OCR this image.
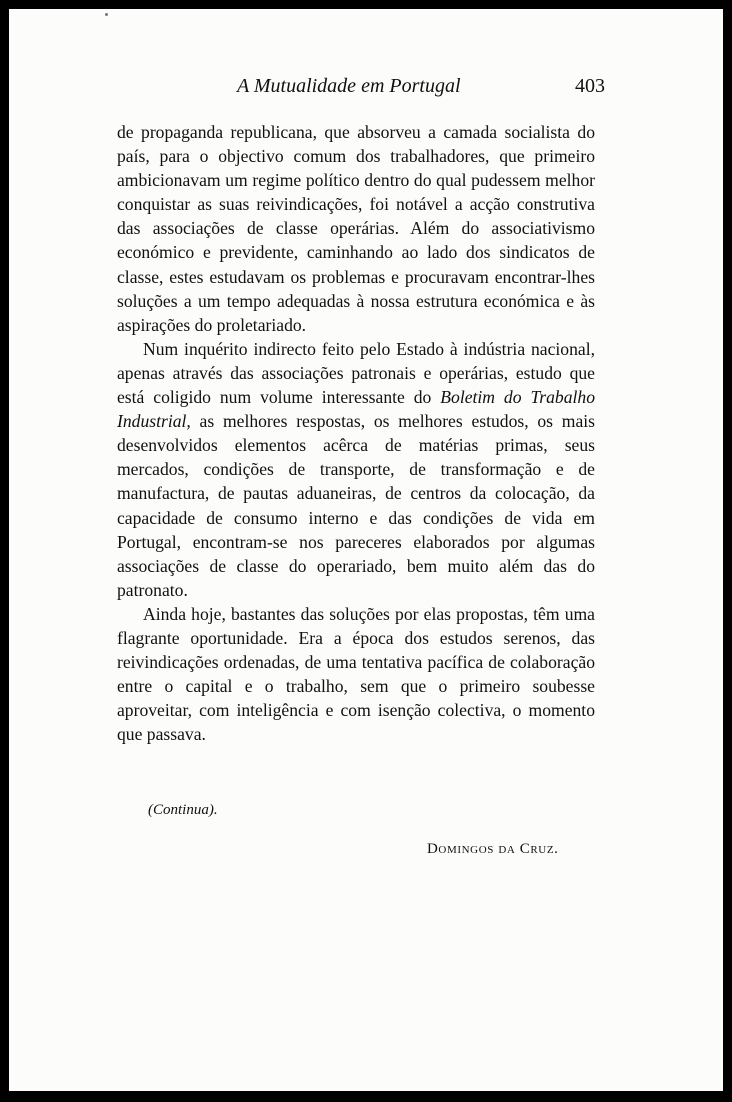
A Mutualidade em Portugal	403

de propaganda republicana, que absorveu a camada socialista do país, para o objectivo comum dos trabalhadores, que primeiro ambicionavam um regime político dentro do qual pudessem melhor conquistar as suas reivindicações, foi notável a acção construtiva das associações de classe operárias. Além do associativismo económico e previdente, caminhando ao lado dos sindicatos de classe, estes estudavam os problemas e procuravam encontrar-lhes soluções a um tempo adequadas à nossa estrutura económica e às aspirações do proletariado.

Num inquérito indirecto feito pelo Estado à indústria nacional, apenas através das associações patronais e operárias, estudo que está coligido num volume interessante do Boletim do Trabalho Industrial, as melhores respostas, os melhores estudos, os mais desenvolvidos elementos acêrca de matérias primas, seus mercados, condições de transporte, de transformação e de manufactura, de pautas aduaneiras, de centros da colocação, da capacidade de consumo interno e das condições de vida em Portugal, encontram-se nos pareceres elaborados por algumas associações de classe do operariado, bem muito além das do patronato.

Ainda hoje, bastantes das soluções por elas propostas, têm uma flagrante oportunidade. Era a época dos estudos serenos, das reivindicações ordenadas, de uma tentativa pacífica de colaboração entre o capital e o trabalho, sem que o primeiro soubesse aproveitar, com inteligência e com isenção colectiva, o momento que passava.

(Continua).
Domingos da Cruz.
